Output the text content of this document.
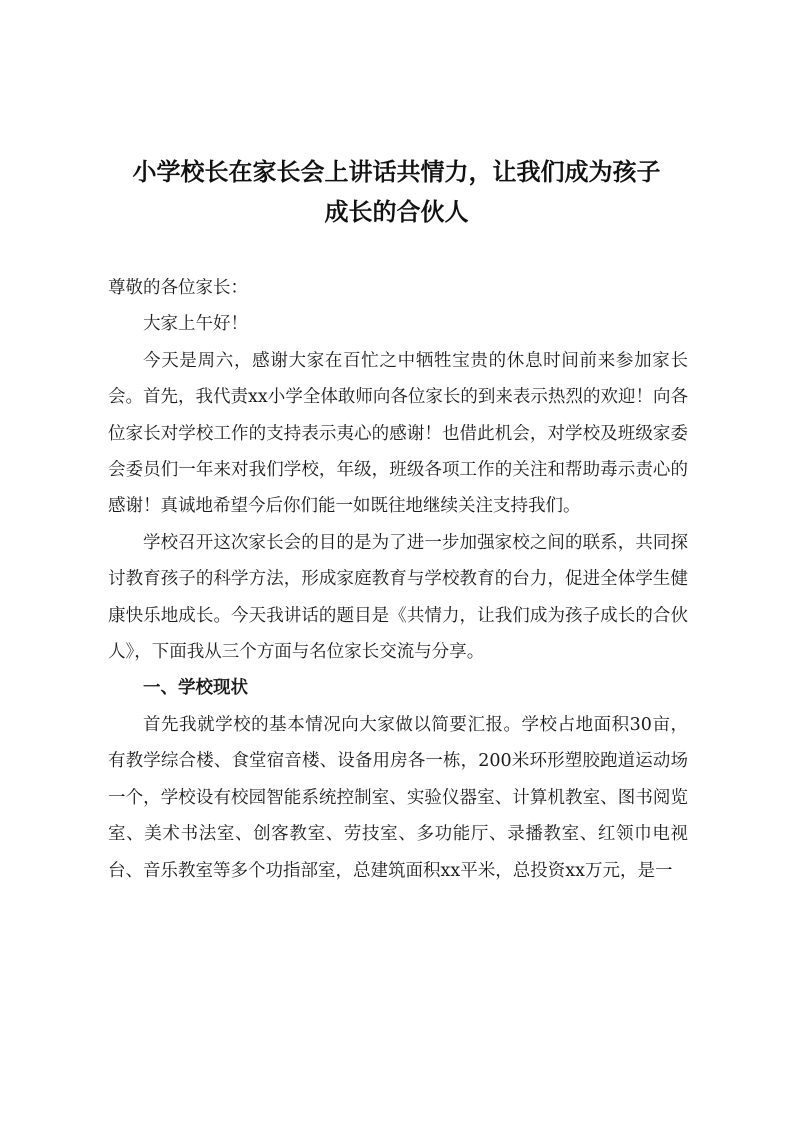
小学校长在家长会上讲话共情力，让我们成为孩子
成长的合伙人

尊敬的各位家长：

大家上午好！

今天是周六，感谢大家在百忙之中牺牲宝贵的休息时间前来参加家长会。首先，我代责xx小学全体敢师向各位家长的到来表示热烈的欢迎！向各位家长对学校工作的支持表示夷心的感谢！也借此机会，对学校及班级家委会委员们一年来对我们学校，年级，班级各项工作的关注和帮助毒示责心的感谢！真诚地希望今后你们能一如既往地继续关注支持我们。

学校召开这次家长会的目的是为了进一步加强家校之间的联系，共同探讨教育孩子的科学方法，形成家庭教育与学校教育的台力，促进全体学生健康快乐地成长。今天我讲话的题目是《共情力，让我们成为孩子成长的合伙人》，下面我从三个方面与名位家长交流与分享。

一、学校现状

首先我就学校的基本情况向大家做以简要汇报。学校占地面积30亩，有教学综合楼、食堂宿音楼、设备用房各一栋，200米环形塑胶跑道运动场一个，学校设有校园智能系统控制室、实验仪器室、计算机教室、图书阅览室、美术书法室、创客教室、劳技室、多功能厅、录播教室、红领巾电视台、音乐教室等多个功指部室，总建筑面积xx平米，总投资xx万元，是一
